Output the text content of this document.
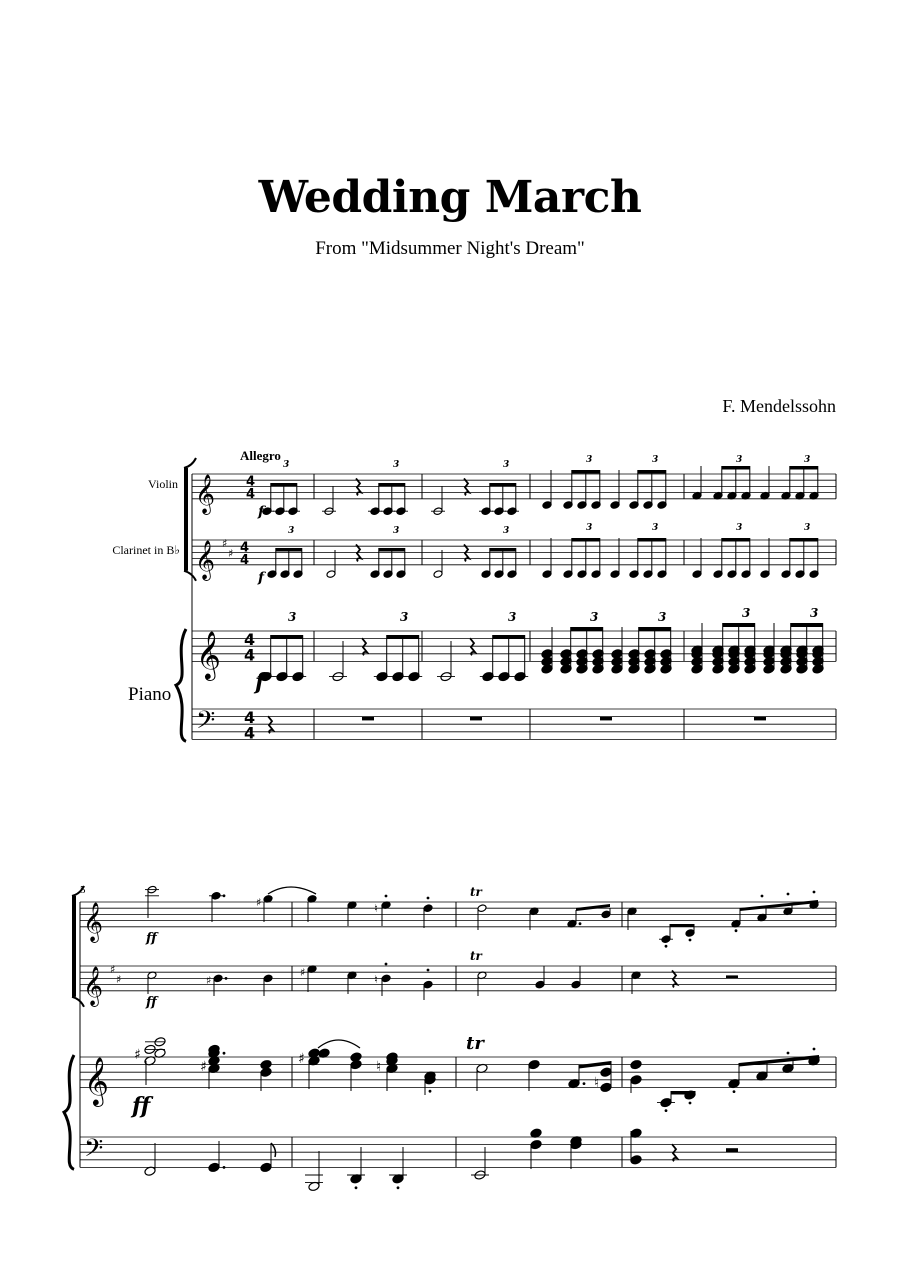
Wedding March
From "Midsummer Night's Dream"
F. Mendelssohn
Allegro
Violin
Clarinet in B♭
Piano
5
𝄞
𝄞
𝄞
𝄢
♯
♯
4
4
4
4
4
4
4
4
3
f
3	3	3	3	3	3
3
f
3	3	3	3	3	3
3
f
3	3	3	3	3	3
𝄞
𝄞
𝄞
𝄢
♯
♯
ff
♯	♮
tr
ff
♯
♯
♮
tr
♯
ff
♯	♯	♮
tr
♮
